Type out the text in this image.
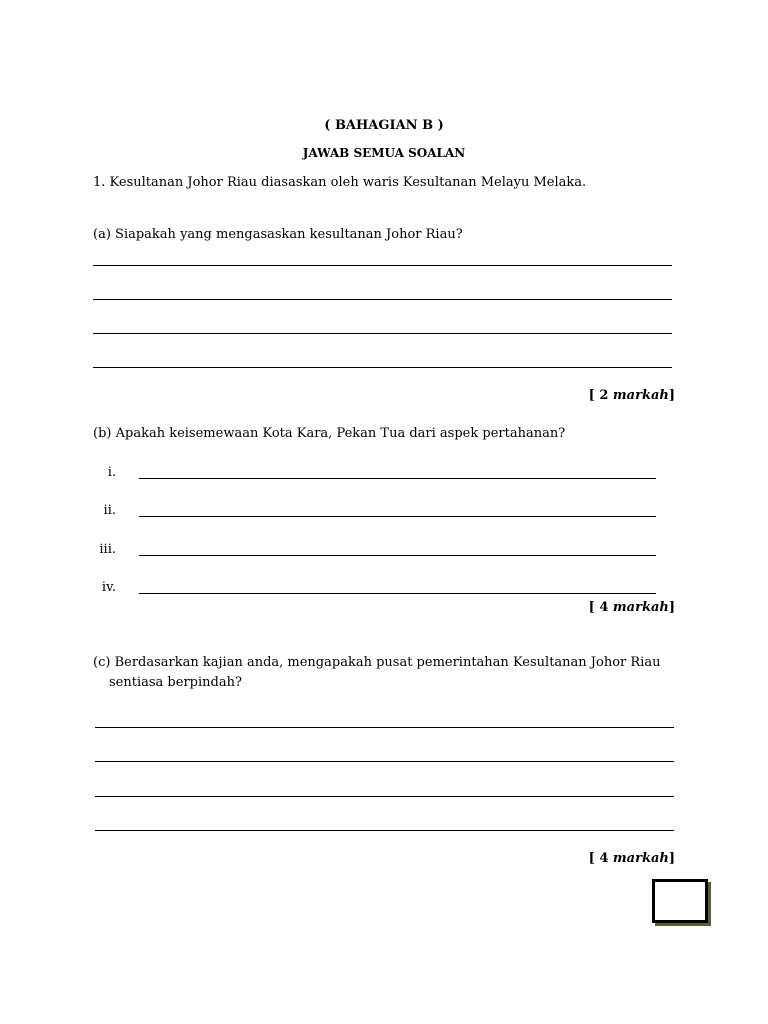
( BAHAGIAN B )
JAWAB SEMUA SOALAN
1. Kesultanan Johor Riau diasaskan oleh waris Kesultanan Melayu Melaka.
(a) Siapakah yang mengasaskan kesultanan Johor Riau?
[ 2 markah]
(b) Apakah keisemewaan Kota Kara, Pekan Tua dari aspek pertahanan?
i.
ii.
iii.
iv.
[ 4 markah]
(c) Berdasarkan kajian anda, mengapakah pusat pemerintahan Kesultanan Johor Riau
sentiasa berpindah?
[ 4 markah]
